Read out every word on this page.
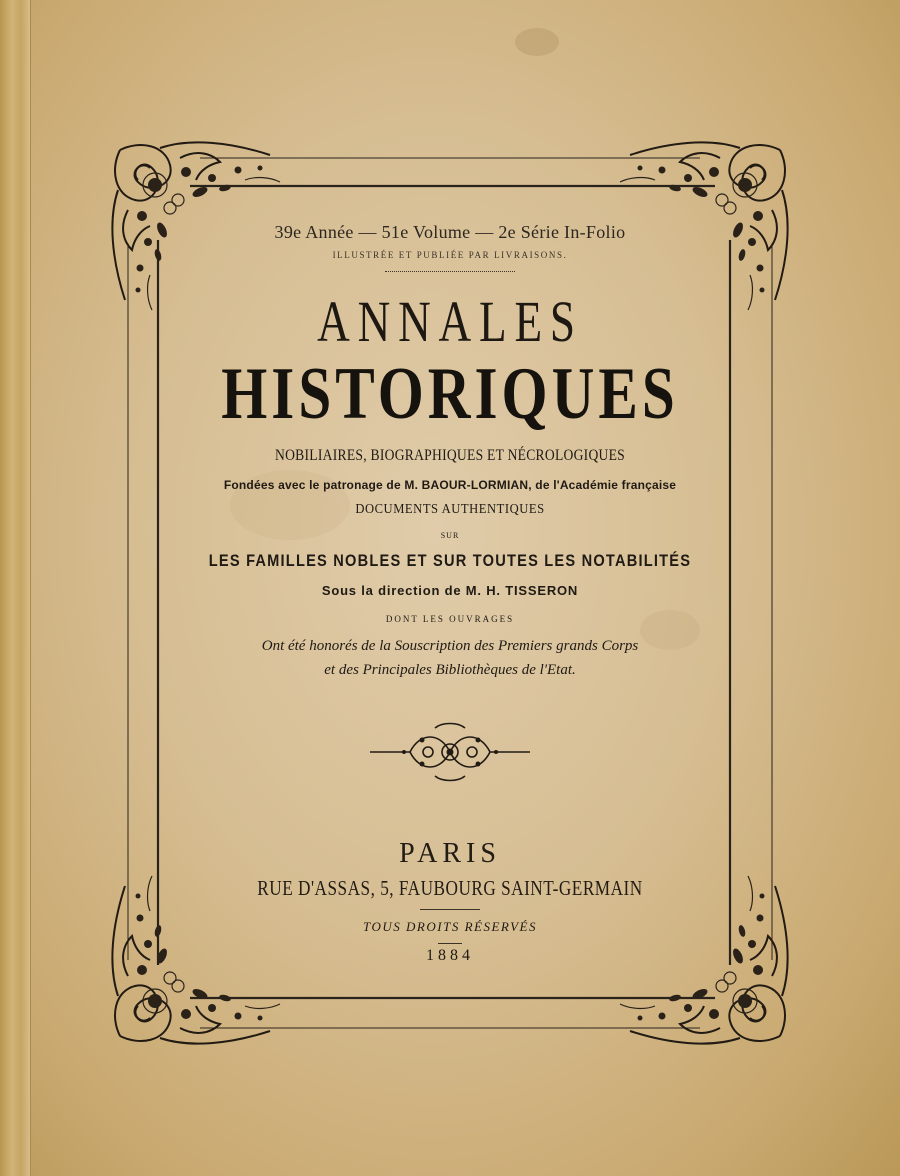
39e Année — 51e Volume — 2e Série In-Folio
ILLUSTRÉE ET PUBLIÉE PAR LIVRAISONS.
ANNALES
HISTORIQUES
NOBILIAIRES, BIOGRAPHIQUES ET NÉCROLOGIQUES
Fondées avec le patronage de M. BAOUR-LORMIAN, de l'Académie française
DOCUMENTS AUTHENTIQUES
SUR
LES FAMILLES NOBLES ET SUR TOUTES LES NOTABILITÉS
Sous la direction de M. H. TISSERON
DONT LES OUVRAGES
Ont été honorés de la Souscription des Premiers grands Corps
et des Principales Bibliothèques de l'Etat.
PARIS
RUE D'ASSAS, 5, FAUBOURG SAINT-GERMAIN
TOUS DROITS RÉSERVÉS
1884
